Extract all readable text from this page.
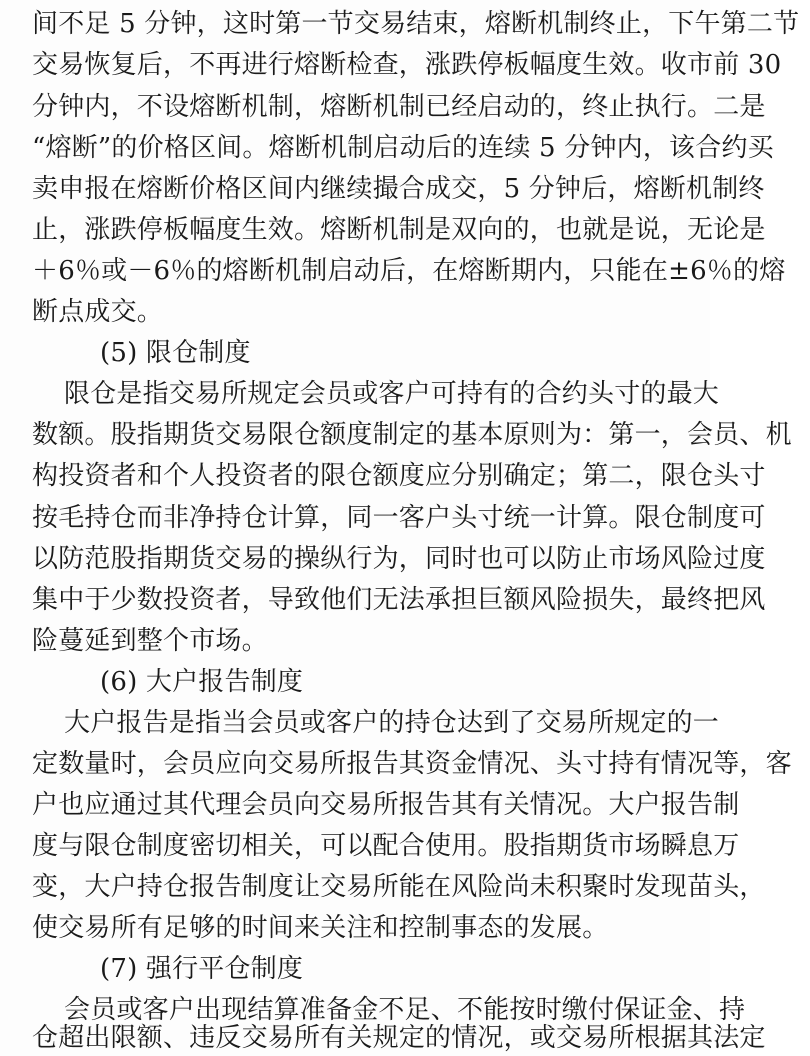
间不足 5 分钟，这时第一节交易结束，熔断机制终止，下午第二节
交易恢复后，不再进行熔断检查，涨跌停板幅度生效。收市前 30
分钟内，不设熔断机制，熔断机制已经启动的，终止执行。二是
“熔断”的价格区间。熔断机制启动后的连续 5 分钟内，该合约买
卖申报在熔断价格区间内继续撮合成交，5 分钟后，熔断机制终
止，涨跌停板幅度生效。熔断机制是双向的，也就是说，无论是
＋6％或－6％的熔断机制启动后，在熔断期内，只能在±6％的熔
断点成交。
(5) 限仓制度
限仓是指交易所规定会员或客户可持有的合约头寸的最大
数额。股指期货交易限仓额度制定的基本原则为：第一，会员、机
构投资者和个人投资者的限仓额度应分别确定；第二，限仓头寸
按毛持仓而非净持仓计算，同一客户头寸统一计算。限仓制度可
以防范股指期货交易的操纵行为，同时也可以防止市场风险过度
集中于少数投资者，导致他们无法承担巨额风险损失，最终把风
险蔓延到整个市场。
(6) 大户报告制度
大户报告是指当会员或客户的持仓达到了交易所规定的一
定数量时，会员应向交易所报告其资金情况、头寸持有情况等，客
户也应通过其代理会员向交易所报告其有关情况。大户报告制
度与限仓制度密切相关，可以配合使用。股指期货市场瞬息万
变，大户持仓报告制度让交易所能在风险尚未积聚时发现苗头，
使交易所有足够的时间来关注和控制事态的发展。
(7) 强行平仓制度
会员或客户出现结算准备金不足、不能按时缴付保证金、持
仓超出限额、违反交易所有关规定的情况，或交易所根据其法定
